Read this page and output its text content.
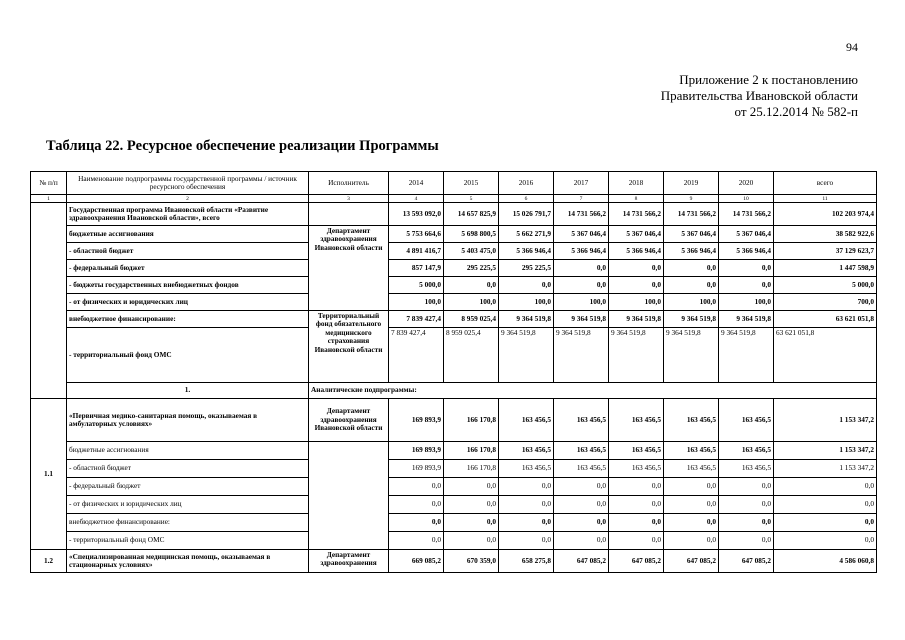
94
Приложение 2 к постановлению
Правительства Ивановской области
от 25.12.2014 № 582-п
Таблица 22. Ресурсное обеспечение реализации Программы
№ п/п	Наименование подпрограммы государственной программы / источник ресурсного обеспечения	Исполнитель	2014	2015	2016	2017	2018	2019	2020	всего
1	2	3	4	5	6	7	8	9	10	11
	Государственная программа Ивановской области «Развитие здравоохранения Ивановской области», всего		13 593 092,0	14 657 825,9	15 026 791,7	14 731 566,2	14 731 566,2	14 731 566,2	14 731 566,2	102 203 974,4
	бюджетные ассигнования	Департамент здравоохранения Ивановской области	5 753 664,6	5 698 800,5	5 662 271,9	5 367 046,4	5 367 046,4	5 367 046,4	5 367 046,4	38 582 922,6
	- областной бюджет		4 891 416,7	5 403 475,0	5 366 946,4	5 366 946,4	5 366 946,4	5 366 946,4	5 366 946,4	37 129 623,7
	- федеральный бюджет		857 147,9	295 225,5	295 225,5	0,0	0,0	0,0	0,0	1 447 598,9
	- бюджеты государственных внебюджетных фондов		5 000,0	0,0	0,0	0,0	0,0	0,0	0,0	5 000,0
	- от физических и юридических лиц		100,0	100,0	100,0	100,0	100,0	100,0	100,0	700,0
	внебюджетное финансирование:	Территориальный фонд обязательного медицинского страхования Ивановской области	7 839 427,4	8 959 025,4	9 364 519,8	9 364 519,8	9 364 519,8	9 364 519,8	9 364 519,8	63 621 051,8
	- территориальный фонд ОМС		7 839 427,4	8 959 025,4	9 364 519,8	9 364 519,8	9 364 519,8	9 364 519,8	9 364 519,8	63 621 051,8
	1.	Аналитические подпрограммы:								
1.1	«Первичная медико-санитарная помощь, оказываемая в амбулаторных условиях»	Департамент здравоохранения Ивановской области	169 893,9	166 170,8	163 456,5	163 456,5	163 456,5	163 456,5	163 456,5	1 153 347,2
	бюджетные ассигнования		169 893,9	166 170,8	163 456,5	163 456,5	163 456,5	163 456,5	163 456,5	1 153 347,2
	- областной бюджет		169 893,9	166 170,8	163 456,5	163 456,5	163 456,5	163 456,5	163 456,5	1 153 347,2
	- федеральный бюджет		0,0	0,0	0,0	0,0	0,0	0,0	0,0	0,0
	- от физических и юридических лиц		0,0	0,0	0,0	0,0	0,0	0,0	0,0	0,0
	внебюджетное финансирование:		0,0	0,0	0,0	0,0	0,0	0,0	0,0	0,0
	- территориальный фонд ОМС		0,0	0,0	0,0	0,0	0,0	0,0	0,0	0,0
1.2	«Специализированная медицинская помощь, оказываемая в стационарных условиях»	Департамент здравоохранения	669 085,2	670 359,0	658 275,8	647 085,2	647 085,2	647 085,2	647 085,2	4 586 060,8
